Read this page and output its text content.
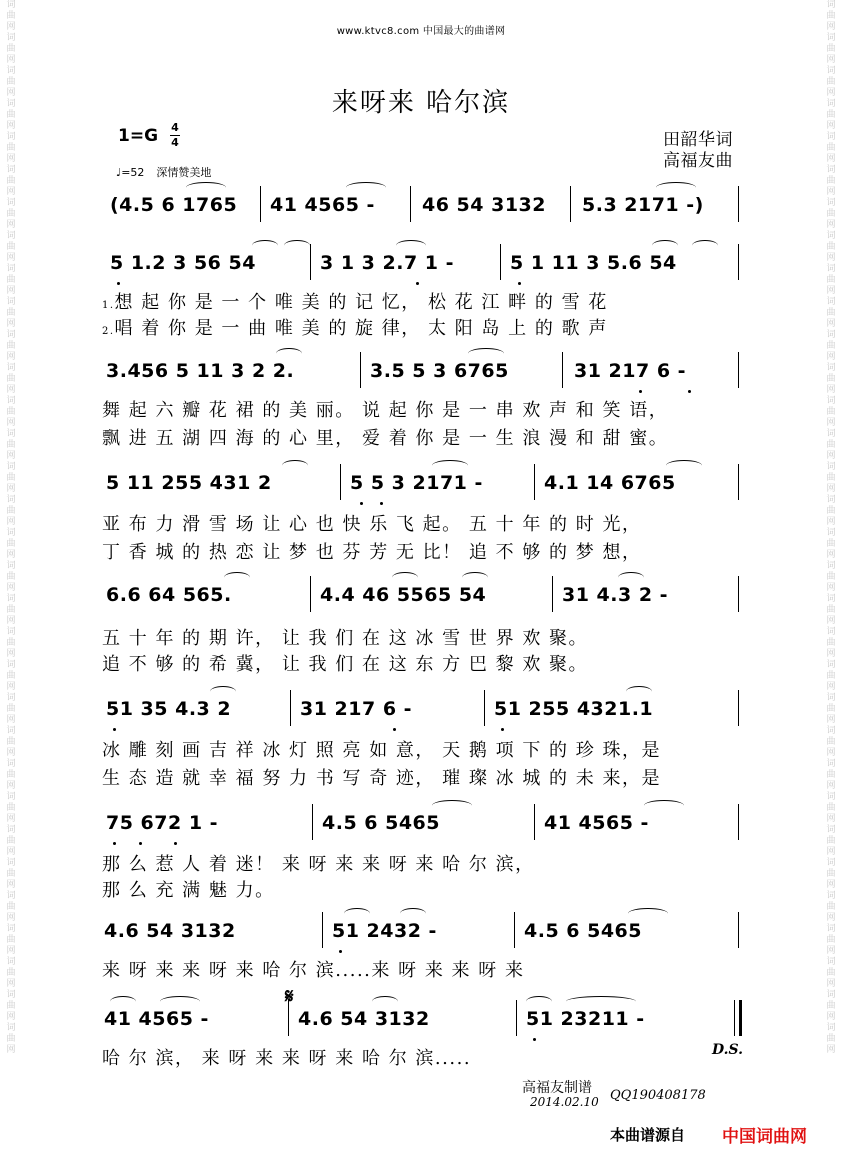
词曲网词曲网词曲网词曲网词曲网词曲网词曲网词曲网词曲网词曲网词曲网词曲网词曲网词曲网词曲网词曲网词曲网词曲网词曲网词曲网词曲网词曲网词曲网词曲网词曲网词曲网词曲网词曲网词曲网词曲网词曲网词曲网
词曲网词曲网词曲网词曲网词曲网词曲网词曲网词曲网词曲网词曲网词曲网词曲网词曲网词曲网词曲网词曲网词曲网词曲网词曲网词曲网词曲网词曲网词曲网词曲网词曲网词曲网词曲网词曲网词曲网词曲网词曲网词曲网
www.ktvc8.com 中国最大的曲谱网
来呀来 哈尔滨
1=G 4
4
♩=52 深情赞美地
田韶华词
高福友曲
(4.5 6 1765 41 4565 - 46 54 3132 5.3 2171 -)
5 1.2 3 56 54	3 1 3 2.7 1 -	5 1 11 3 5.6 54
1.想 起 你 是 一 个 唯 美 的 记 忆， 松 花 江 畔 的 雪 花
2.唱 着 你 是 一 曲 唯 美 的 旋 律， 太 阳 岛 上 的 歌 声
3.456 5 11 3 2 2.	3.5 5 3 6765	31 217 6 -
舞 起 六 瓣 花 裙 的 美 丽。 说 起 你 是 一 串 欢 声 和 笑 语，
飘 进 五 湖 四 海 的 心 里， 爱 着 你 是 一 生 浪 漫 和 甜 蜜。
5 11 255 431 2	5 5 3 2171 -	4.1 14 6765
亚 布 力 滑 雪 场 让 心 也 快 乐 飞 起。 五 十 年 的 时 光，
丁 香 城 的 热 恋 让 梦 也 芬 芳 无 比！ 追 不 够 的 梦 想，
6.6 64 565.	4.4 46 5565 54	31 4.3 2 -
五 十 年 的 期 许， 让 我 们 在 这 冰 雪 世 界 欢 聚。
追 不 够 的 希 冀， 让 我 们 在 这 东 方 巴 黎 欢 聚。
51 35 4.3 2	31 217 6 -	51 255 4321.1
冰 雕 刻 画 吉 祥 冰 灯 照 亮 如 意， 天 鹅 项 下 的 珍 珠，是
生 态 造 就 幸 福 努 力 书 写 奇 迹， 璀 璨 冰 城 的 未 来，是
75 672 1 -	4.5 6 5465	41 4565 -
那 么 惹 人 着 迷！ 来 呀 来 来 呀 来 哈 尔 滨，
那 么 充 满 魅 力。
4.6 54 3132	51 2432 -	4.5 6 5465
来 呀 来 来 呀 来 哈 尔 滨.....来 呀 来 来 呀 来
𝄋
41 4565 -	4.6 54 3132	51 23211 -
D.S.
哈 尔 滨， 来 呀 来 来 呀 来 哈 尔 滨.....
高福友制谱
2014.02.10 QQ190408178
本曲谱源自 中国词曲网
